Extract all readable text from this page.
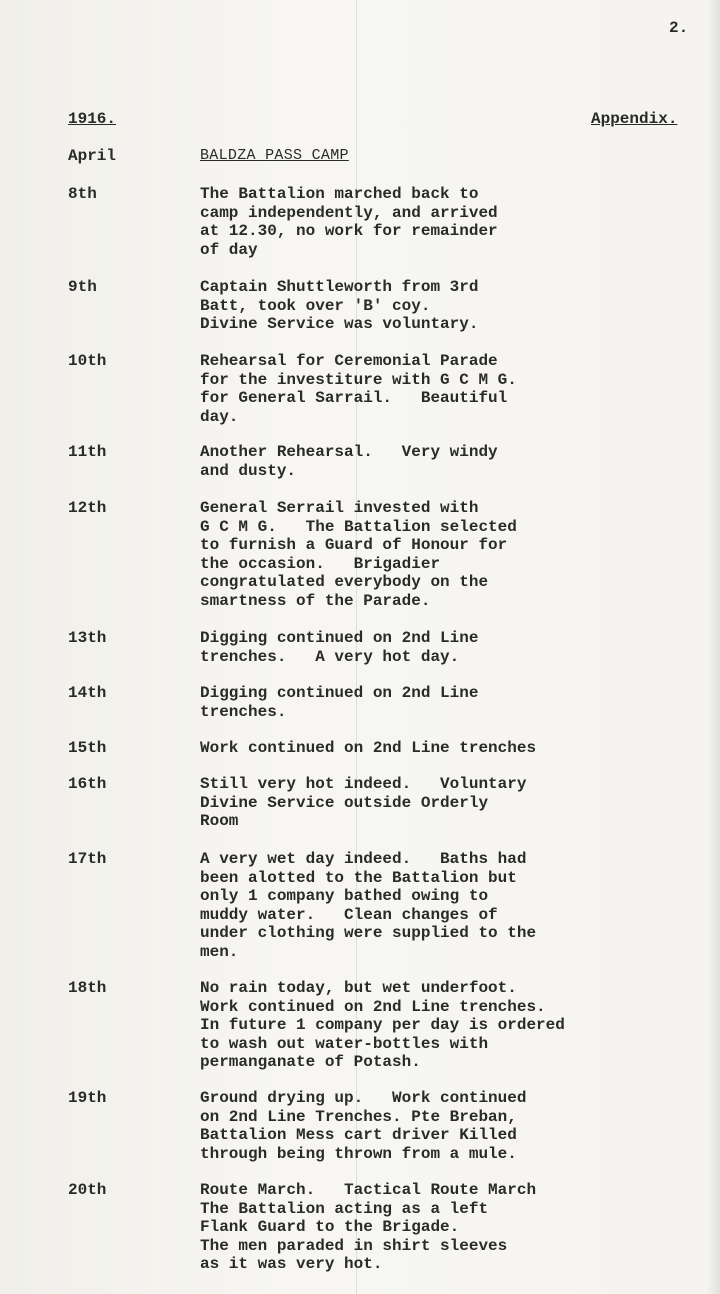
2.
1916.	Appendix.
April	BALDZA PASS CAMP
8th	The Battalion marched back to
camp independently, and arrived
at 12.30, no work for remainder
of day
9th	Captain Shuttleworth from 3rd
Batt, took over 'B' coy.
Divine Service was voluntary.
10th	Rehearsal for Ceremonial Parade
for the investiture with G C M G.
for General Sarrail.   Beautiful
day.
11th	Another Rehearsal.   Very windy
and dusty.
12th	General Serrail invested with
G C M G.   The Battalion selected
to furnish a Guard of Honour for
the occasion.   Brigadier
congratulated everybody on the
smartness of the Parade.
13th	Digging continued on 2nd Line
trenches.   A very hot day.
14th	Digging continued on 2nd Line
trenches.
15th	Work continued on 2nd Line trenches
16th	Still very hot indeed.   Voluntary
Divine Service outside Orderly
Room
17th	A very wet day indeed.   Baths had
been alotted to the Battalion but
only 1 company bathed owing to
muddy water.   Clean changes of
under clothing were supplied to the
men.
18th	No rain today, but wet underfoot.
Work continued on 2nd Line trenches.
In future 1 company per day is ordered
to wash out water-bottles with
permanganate of Potash.
19th	Ground drying up.   Work continued
on 2nd Line Trenches. Pte Breban,
Battalion Mess cart driver Killed
through being thrown from a mule.
20th	Route March.   Tactical Route March
The Battalion acting as a left
Flank Guard to the Brigade.
The men paraded in shirt sleeves
as it was very hot.
